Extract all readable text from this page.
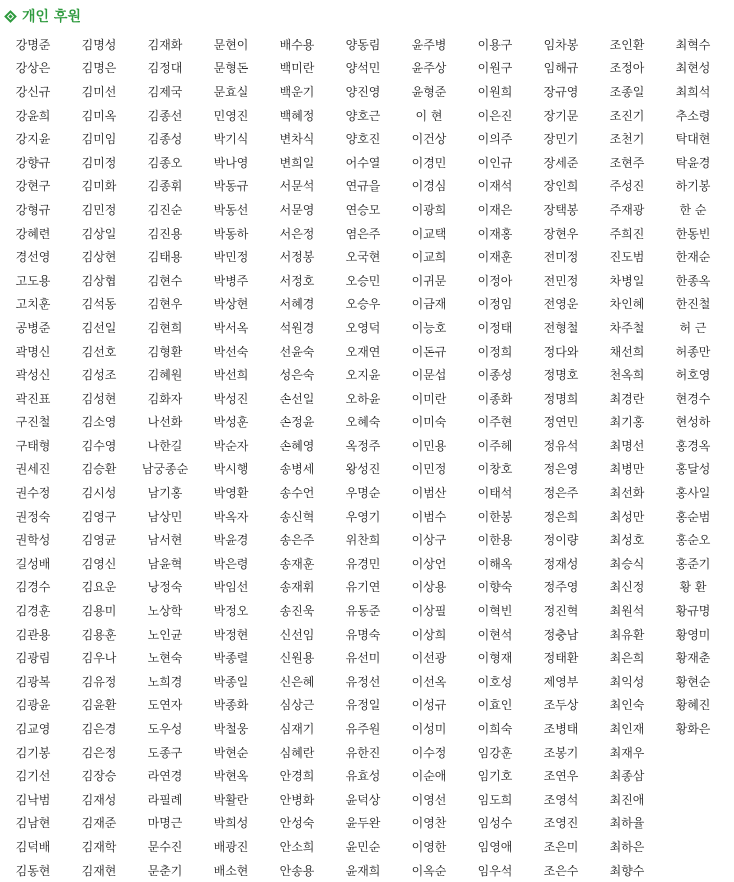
개인 후원
강명준	김명성	김재화	문현이	배수용	양동림	윤주병	이용구	임차봉	조인환	최혁수
강상은	김명은	김정대	문형돈	백미란	양석민	윤주상	이원구	임해규	조정아	최현성
강신규	김미선	김제국	문효실	백운기	양진영	윤형준	이원희	장규영	조종일	최희석
강윤희	김미옥	김종선	민영진	백혜정	양호근	이 현	이은진	장기문	조진기	추소령
강지윤	김미임	김종성	박기식	변차식	양호진	이건상	이의주	장민기	조천기	탁대현
강향규	김미정	김종오	박나영	변희일	어수열	이경민	이인규	장세준	조현주	탁윤경
강현구	김미화	김종휘	박동규	서문석	연규을	이경심	이재석	장인희	주성진	하기봉
강형규	김민정	김진순	박동선	서문영	연승모	이광희	이재은	장택봉	주재광	한 순
강혜련	김상일	김진용	박동하	서은정	염은주	이교택	이재홍	장현우	주희진	한동빈
경선영	김상현	김태용	박민정	서정봉	오국현	이교희	이재훈	전미정	진도범	한재순
고도용	김상협	김현수	박병주	서정호	오승민	이귀문	이정아	전민정	차병일	한종옥
고치훈	김석동	김현우	박상현	서혜경	오승우	이금재	이정임	전영운	차인혜	한진철
공병준	김선일	김현희	박서옥	석원경	오영덕	이능호	이정태	전형철	차주철	허 근
곽명신	김선호	김형환	박선숙	선윤숙	오재연	이돈규	이정희	정다와	채선희	허종만
곽성신	김성조	김혜원	박선희	성은숙	오지윤	이문섭	이종성	정명호	천옥희	허호영
곽진표	김성현	김화자	박성진	손선일	오하윤	이미란	이종화	정명희	최경란	현경수
구진철	김소영	나선화	박성훈	손정윤	오혜숙	이미숙	이주현	정연민	최기홍	현성하
구태형	김수영	나한길	박순자	손혜영	옥정주	이민용	이주헤	정유석	최명선	홍경옥
권세진	김승환	남궁종순	박시행	송병세	왕성진	이민정	이창호	정은영	최병만	홍달성
권수정	김시성	남기홍	박영환	송수언	우명순	이범산	이태석	정은주	최선화	홍사일
권정숙	김영구	남상민	박옥자	송신혁	우영기	이범수	이한봉	정은희	최성만	홍순범
권학성	김영균	남서현	박윤경	송은주	위찬희	이상구	이한용	정이량	최성호	홍순오
길성배	김영신	남윤혁	박은령	송재훈	유경민	이상언	이해옥	정재성	최승식	홍준기
김경수	김요운	낭정숙	박임선	송재휘	유기연	이상용	이향숙	정주영	최신정	황 환
김경훈	김용미	노상학	박정오	송진욱	유동준	이상필	이혁빈	정진혁	최원석	황규명
김관용	김용훈	노인균	박정현	신선임	유명숙	이상희	이현석	정충남	최유환	황영미
김광림	김우나	노현숙	박종렬	신원용	유선미	이선광	이형재	정태환	최은희	황재춘
김광복	김유정	노희경	박종일	신은혜	유정선	이선옥	이호성	제영부	최익성	황현순
김광윤	김윤환	도연자	박종화	심상근	유정일	이성규	이효인	조두상	최인숙	황혜진
김교영	김은경	도우성	박철웅	심재기	유주원	이성미	이희숙	조병태	최인재	황화은
김기봉	김은정	도종구	박현순	심혜란	유한진	이수정	임강훈	조봉기	최재우	
김기선	김장승	라연경	박현옥	안경희	유효성	이순애	임기호	조연우	최종삼	
김낙범	김재성	라필례	박활란	안병화	윤덕상	이영선	임도희	조영석	최진애	
김남현	김재준	마명근	박희성	안성숙	윤두완	이영찬	임성수	조영진	최하율	
김덕배	김재학	문수진	배광진	안소희	윤민순	이영한	임영애	조은미	최하은	
김동현	김재현	문춘기	배소현	안송용	윤재희	이옥순	임우석	조은수	최향수	
